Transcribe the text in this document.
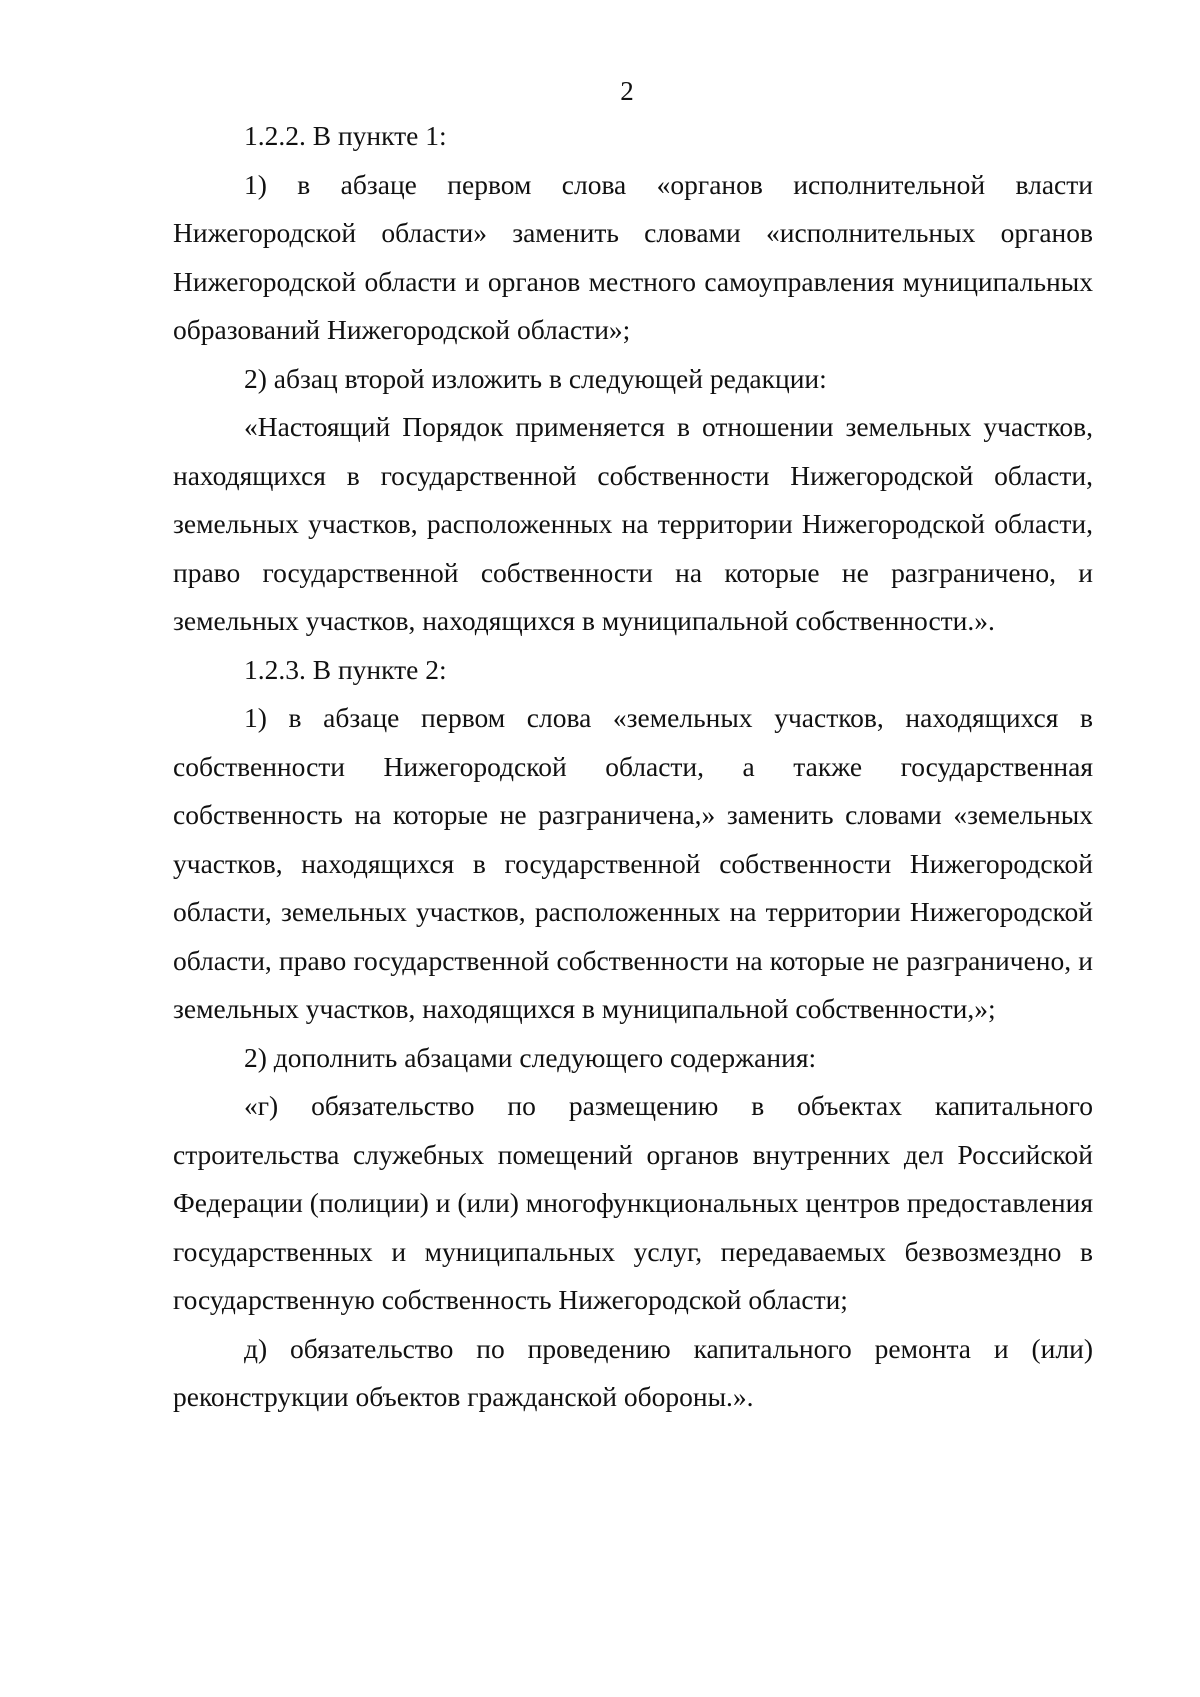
2

1.2.2. В пункте 1:

1) в абзаце первом слова «органов исполнительной власти Нижегородской области» заменить словами «исполнительных органов Нижегородской области и органов местного самоуправления муниципальных образований Нижегородской области»;

2) абзац второй изложить в следующей редакции:

«Настоящий Порядок применяется в отношении земельных участков, находящихся в государственной собственности Нижегородской области, земельных участков, расположенных на территории Нижегородской области, право государственной собственности на которые не разграничено, и земельных участков, находящихся в муниципальной собственности.».

1.2.3. В пункте 2:

1) в абзаце первом слова «земельных участков, находящихся в собственности Нижегородской области, а также государственная собственность на которые не разграничена,» заменить словами «земельных участков, находящихся в государственной собственности Нижегородской области, земельных участков, расположенных на территории Нижегородской области, право государственной собственности на которые не разграничено, и земельных участков, находящихся в муниципальной собственности,»;

2) дополнить абзацами следующего содержания:

«г) обязательство по размещению в объектах капитального строительства служебных помещений органов внутренних дел Российской Федерации (полиции) и (или) многофункциональных центров предоставления государственных и муниципальных услуг, передаваемых безвозмездно в государственную собственность Нижегородской области;

д) обязательство по проведению капитального ремонта и (или) реконструкции объектов гражданской обороны.».
